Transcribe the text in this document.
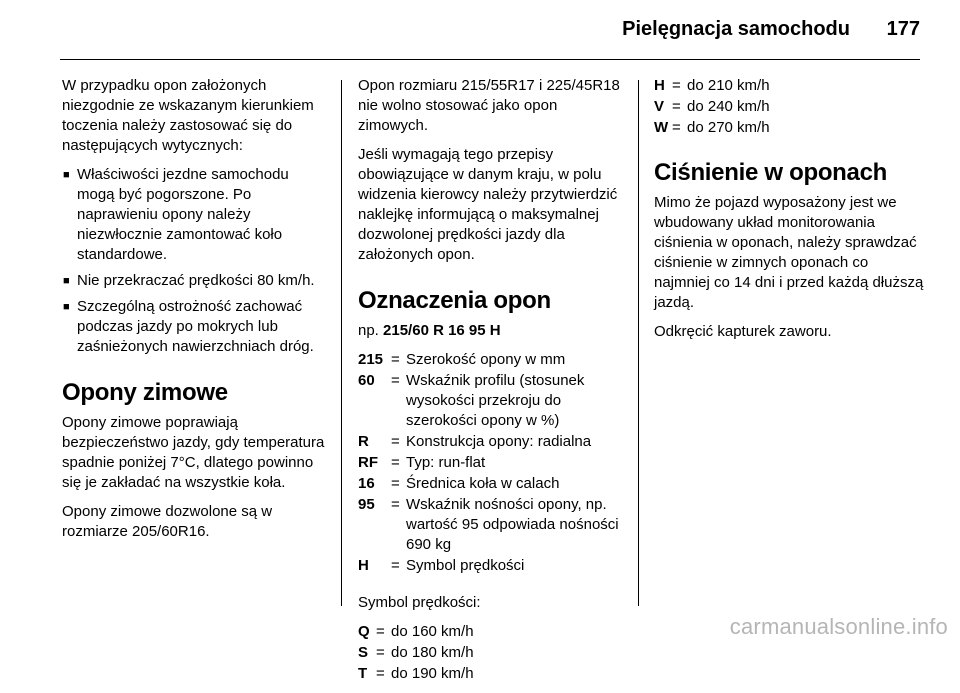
Pielęgnacja samochodu 177

W przypadku opon założonych niezgodnie ze wskazanym kierunkiem toczenia należy zastosować się do następujących wytycznych:

■ Właściwości jezdne samochodu mogą być pogorszone. Po naprawieniu opony należy niezwłocznie zamontować koło standardowe.
■ Nie przekraczać prędkości 80 km/h.
■ Szczególną ostrożność zachować podczas jazdy po mokrych lub zaśnieżonych nawierzchniach dróg.
Opony zimowe

Opony zimowe poprawiają bezpieczeństwo jazdy, gdy temperatura spadnie poniżej 7°C, dlatego powinno się je zakładać na wszystkie koła.

Opony zimowe dozwolone są w rozmiarze 205/60R16.

Opon rozmiaru 215/55R17 i 225/45R18 nie wolno stosować jako opon zimowych.

Jeśli wymagają tego przepisy obowiązujące w danym kraju, w polu widzenia kierowcy należy przytwierdzić naklejkę informującą o maksymalnej dozwolonej prędkości jazdy dla założonych opon.

Oznaczenia opon

np. 215/60 R 16 95 H

215	=	Szerokość opony w mm
60	=	Wskaźnik profilu (stosunek wysokości przekroju do szerokości opony w %)
R	=	Konstrukcja opony: radialna
RF	=	Typ: run-flat
16	=	Średnica koła w calach
95	=	Wskaźnik nośności opony, np. wartość 95 odpowiada nośności 690 kg
H	=	Symbol prędkości

Symbol prędkości:

Q	=	do 160 km/h
S	=	do 180 km/h
T	=	do 190 km/h
H	=	do 210 km/h
V	=	do 240 km/h
W	=	do 270 km/h
Ciśnienie w oponach

Mimo że pojazd wyposażony jest we wbudowany układ monitorowania ciśnienia w oponach, należy sprawdzać ciśnienie w zimnych oponach co najmniej co 14 dni i przed każdą dłuższą jazdą.

Odkręcić kapturek zaworu.

carmanualsonline.info
